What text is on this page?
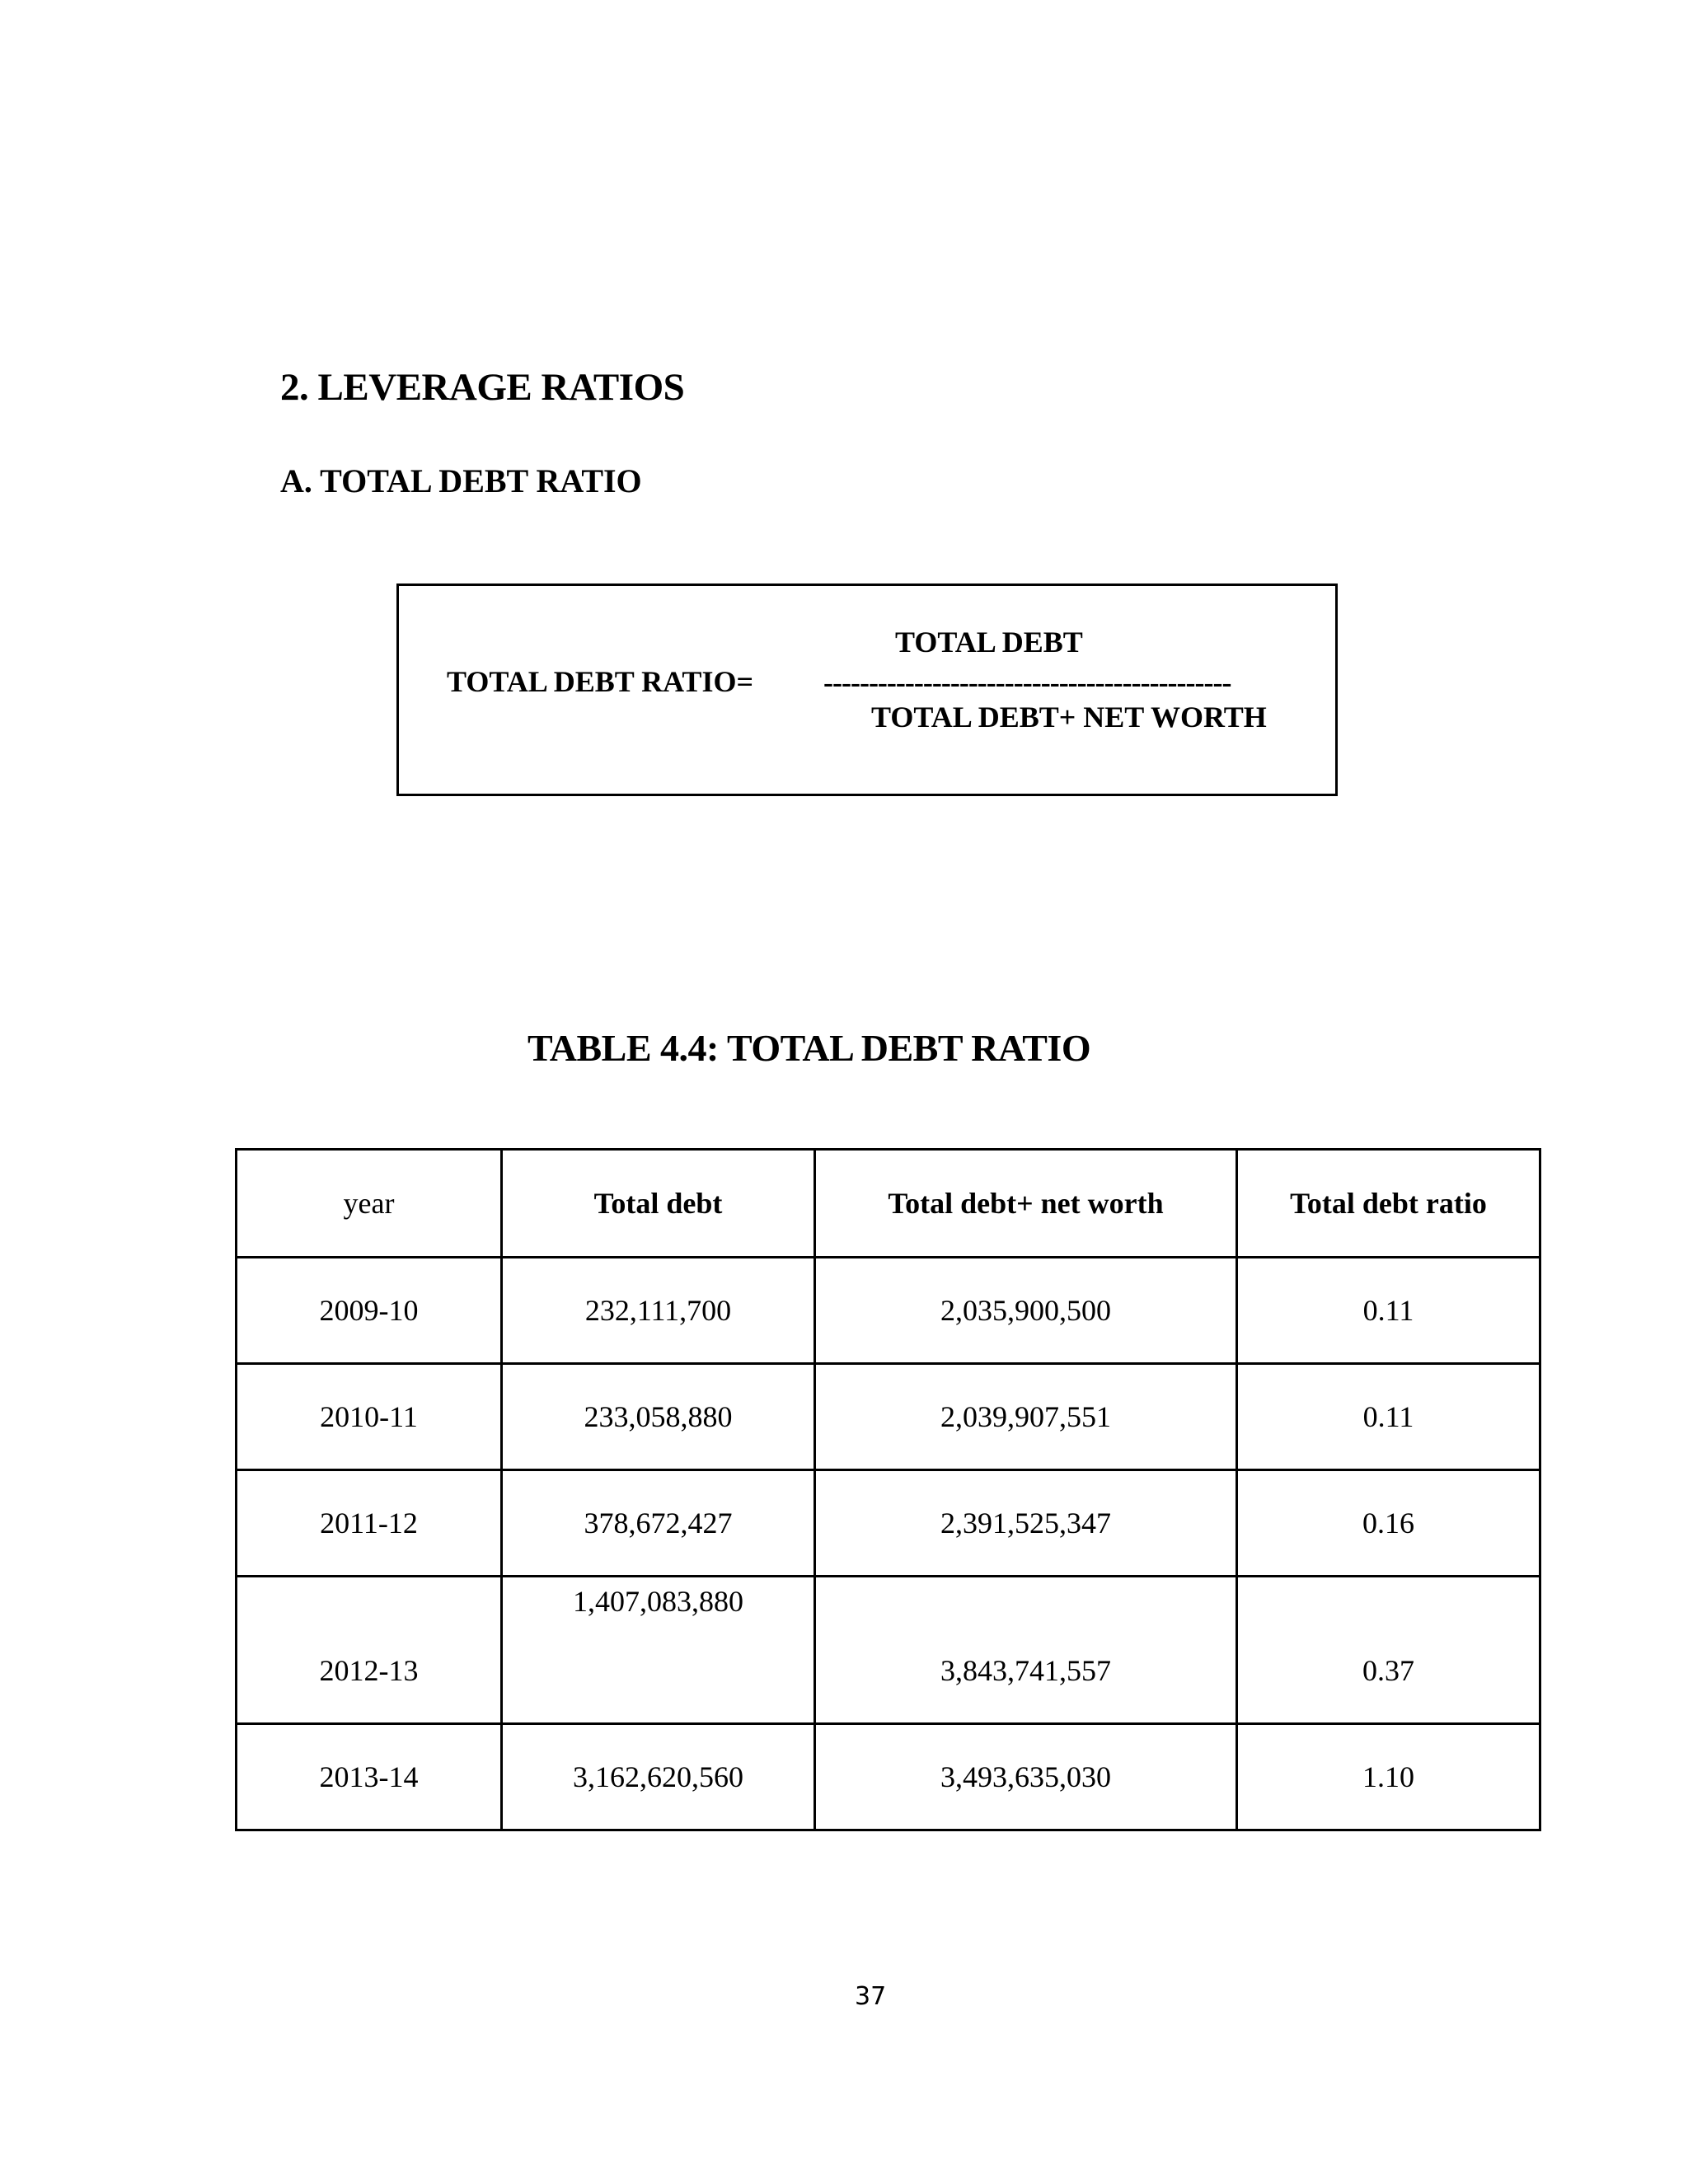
2. LEVERAGE RATIOS
A. TOTAL DEBT RATIO
TOTAL DEBT RATIO=
TOTAL DEBT
---------------------------------------------
TOTAL DEBT+ NET WORTH
TABLE 4.4: TOTAL DEBT RATIO
year	Total debt	Total debt+ net worth	Total debt ratio
2009-10	232,111,700	2,035,900,500	0.11
2010-11	233,058,880	2,039,907,551	0.11
2011-12	378,672,427	2,391,525,347	0.16
2012-13	1,407,083,880	3,843,741,557	0.37
2013-14	3,162,620,560	3,493,635,030	1.10
37
